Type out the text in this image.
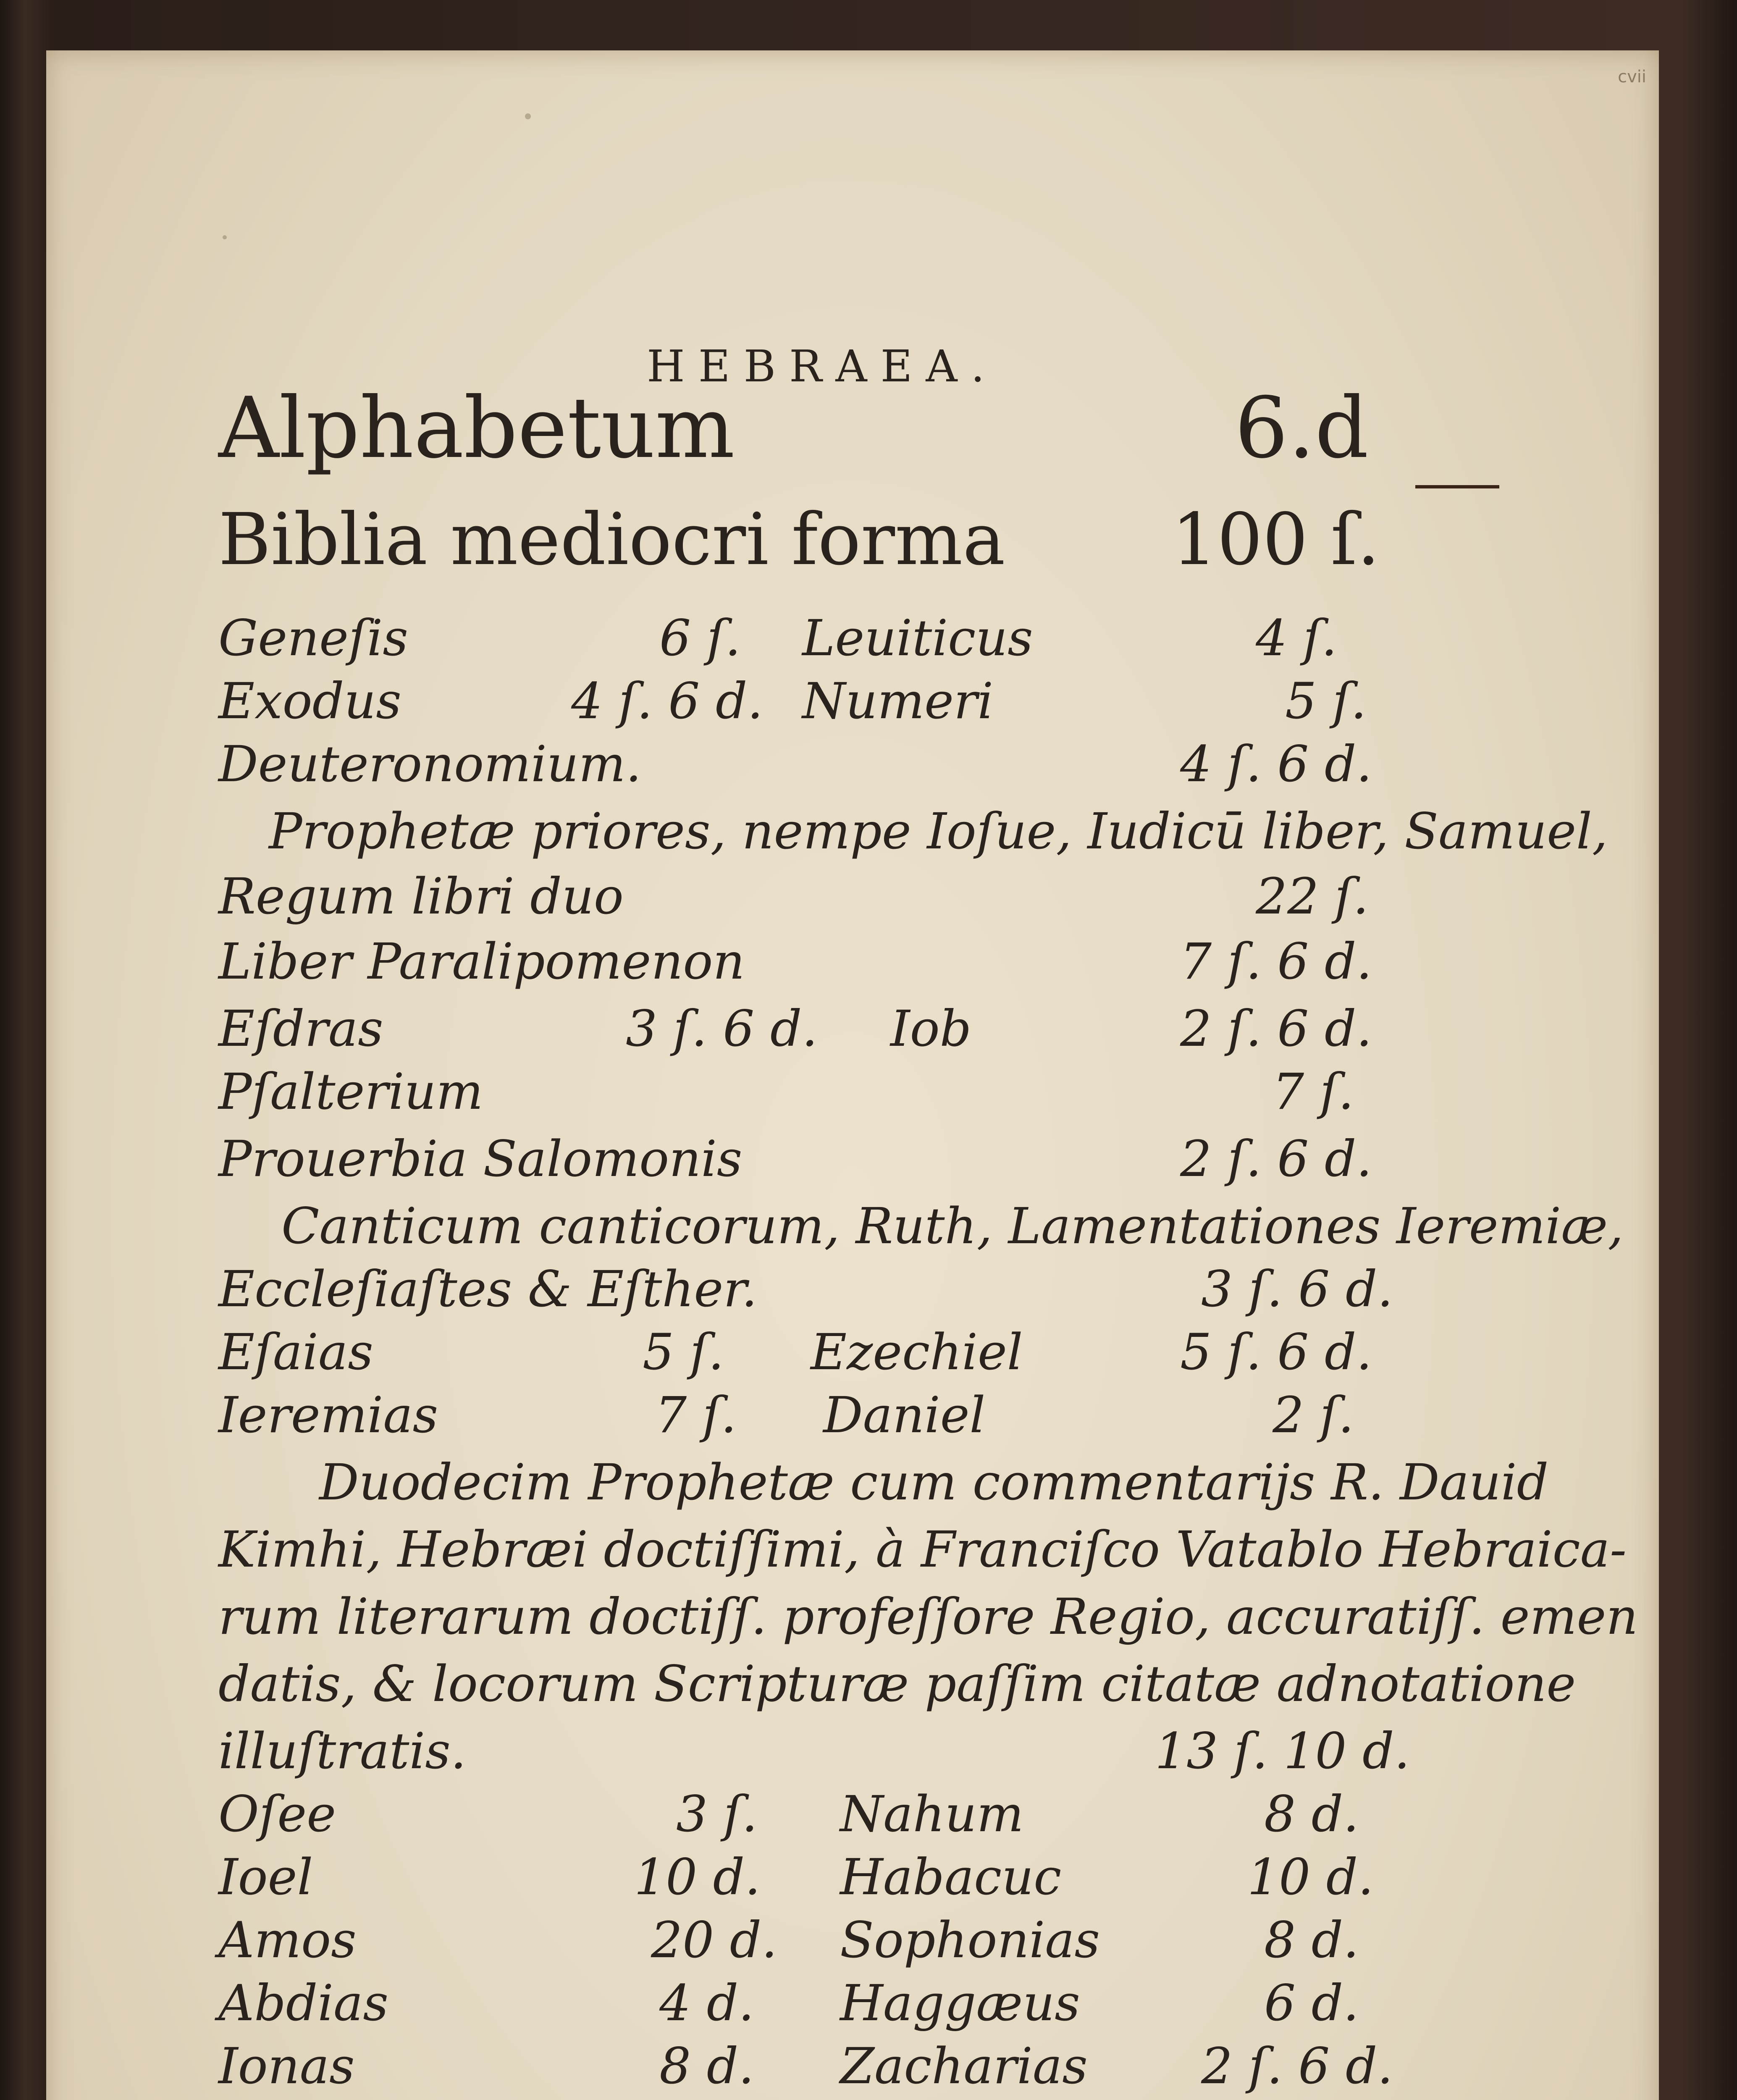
cvii
HEBRAEA.
Alphabetum	6.d
Biblia mediocri forma 100 ſ.
Geneſis	6 ſ. Leuiticus	4 ſ.
Exodus	4 ſ. 6 d. Numeri	5 ſ.
Deuteronomium.	4 ſ. 6 d.
Prophetæ priores, nempe Ioſue, Iudicū liber, Samuel,
Regum libri duo	22 ſ.
Liber Paralipomenon	7 ſ. 6 d.
Eſdras	3 ſ. 6 d. Iob	2 ſ. 6 d.
Pſalterium	7 ſ.
Prouerbia Salomonis	2 ſ. 6 d.
Canticum canticorum, Ruth, Lamentationes Ieremiæ,
Eccleſiaſtes & Eſther.	3 ſ. 6 d.
Eſaias	5 ſ. Ezechiel	5 ſ. 6 d.
Ieremias	7 ſ. Daniel	2 ſ.
Duodecim Prophetæ cum commentarijs R. Dauid
Kimhi, Hebræi doctiſſimi, à Franciſco Vatablo Hebraica-
rum literarum doctiſſ. profeſſore Regio, accuratiſſ. emen
datis, & locorum Scripturæ paſſim citatæ adnotatione
illuſtratis.	13 ſ. 10 d.
Oſee	3 ſ. Nahum	8 d.
Ioel	10 d. Habacuc	10 d.
Amos	20 d. Sophonias	8 d.
Abdias	4 d. Haggæus	6 d.
Ionas	8 d. Zacharias 2 ſ. 6 d.
